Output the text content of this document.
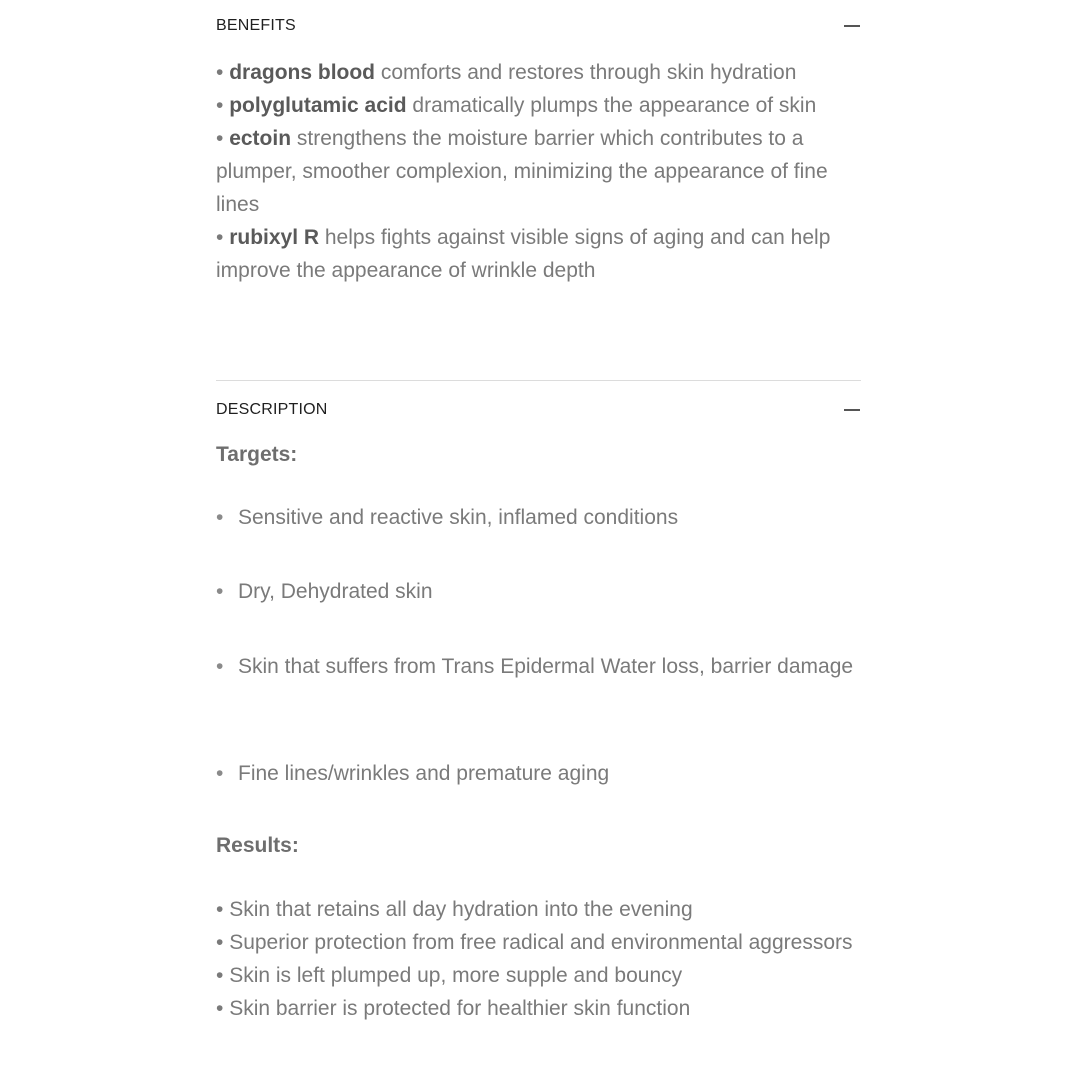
BENEFITS
• dragons blood comforts and restores through skin hydration
• polyglutamic acid dramatically plumps the appearance of skin
• ectoin strengthens the moisture barrier which contributes to a plumper, smoother complexion, minimizing the appearance of fine lines
• rubixyl R helps fights against visible signs of aging and can help improve the appearance of wrinkle depth
DESCRIPTION
Targets:
• Sensitive and reactive skin, inflamed conditions
• Dry, Dehydrated skin
• Skin that suffers from Trans Epidermal Water loss, barrier damage
• Fine lines/wrinkles and premature aging
Results:
• Skin that retains all day hydration into the evening
• Superior protection from free radical and environmental aggressors
• Skin is left plumped up, more supple and bouncy
• Skin barrier is protected for healthier skin function
